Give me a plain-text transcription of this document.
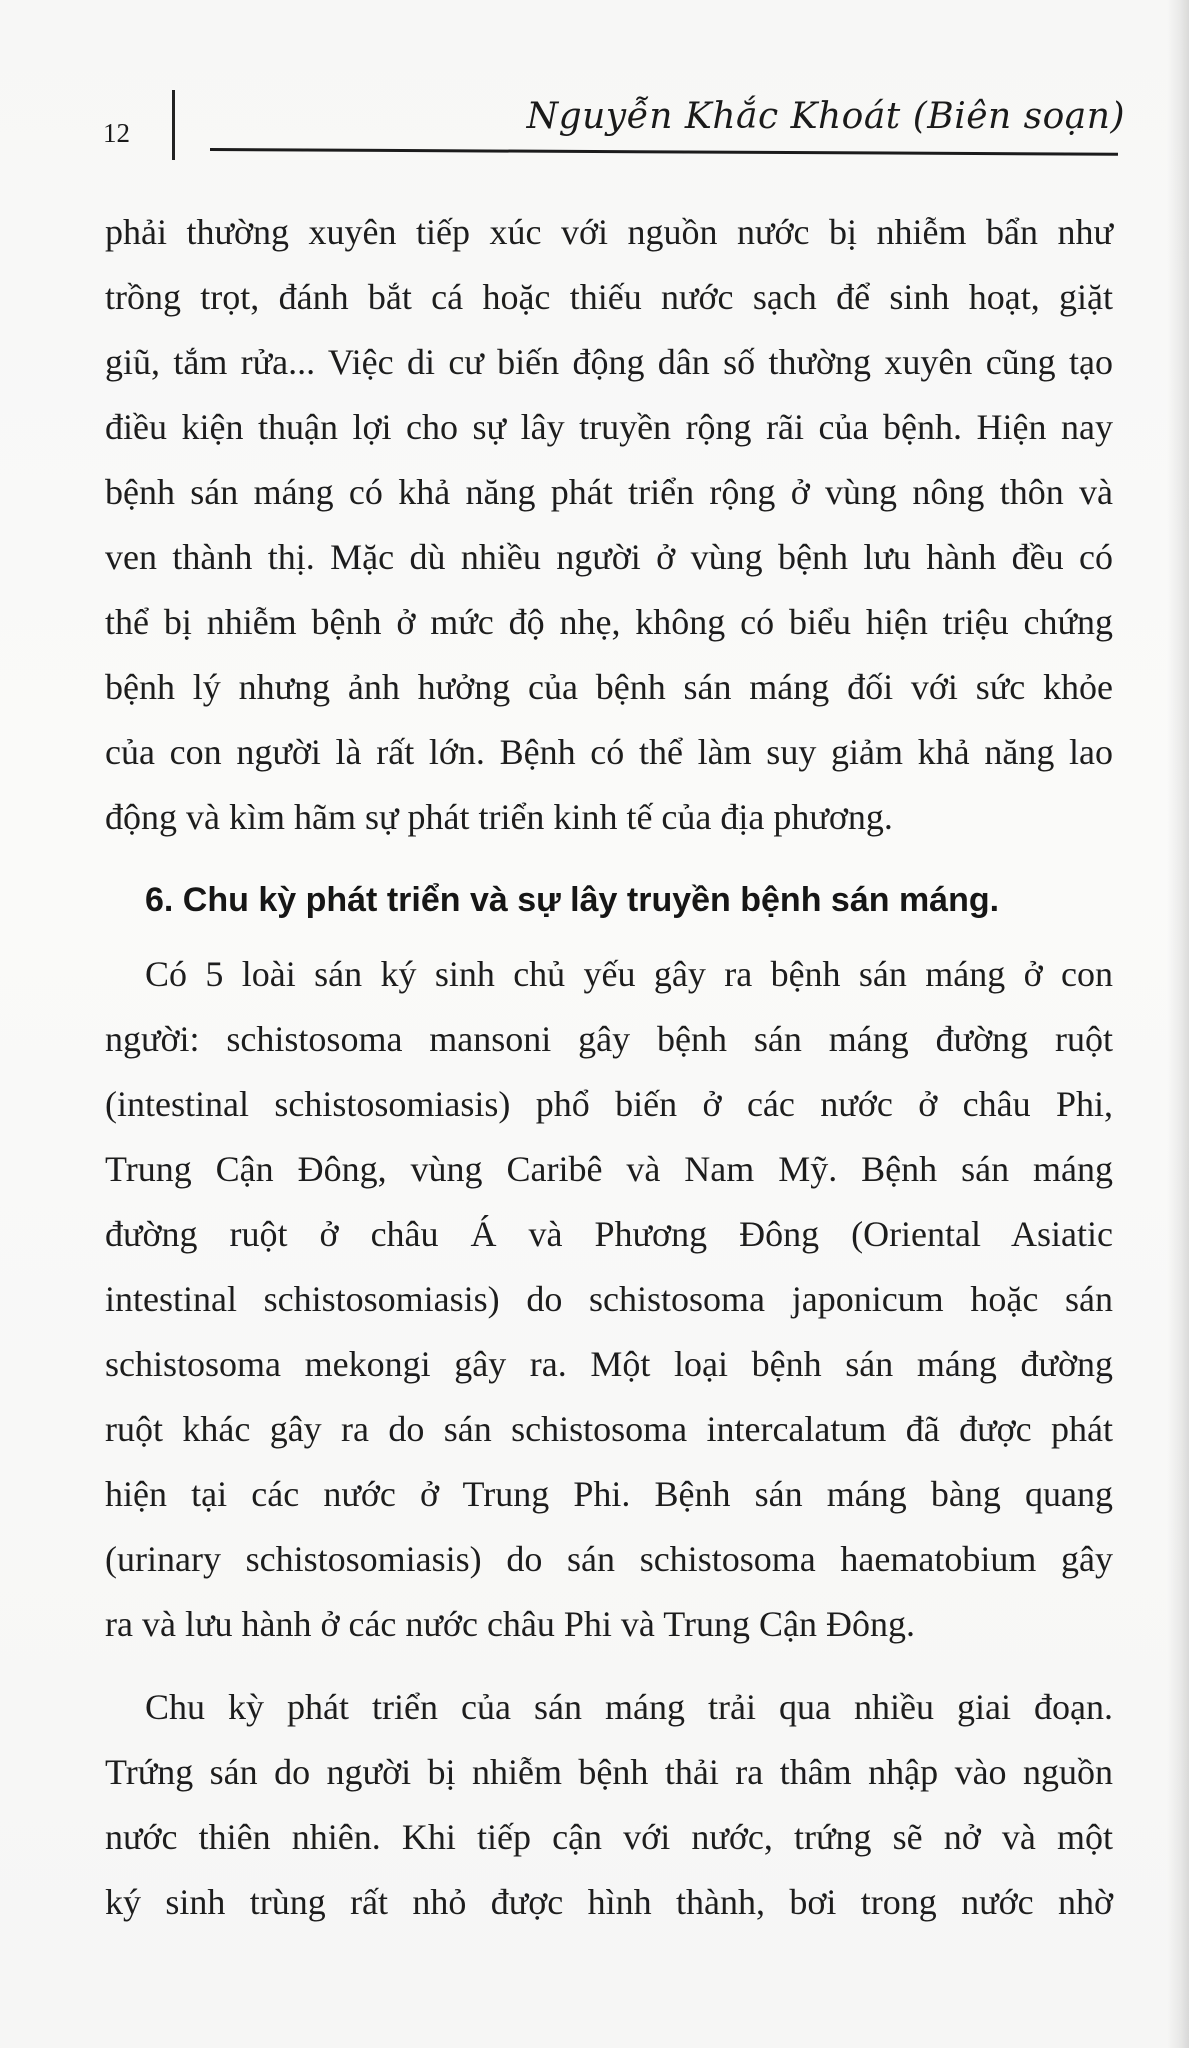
12	Nguyễn Khắc Khoát (Biên soạn)

phải thường xuyên tiếp xúc với nguồn nước bị nhiễm bẩn như
trồng trọt, đánh bắt cá hoặc thiếu nước sạch để sinh hoạt, giặt
giũ, tắm rửa... Việc di cư biến động dân số thường xuyên cũng tạo
điều kiện thuận lợi cho sự lây truyền rộng rãi của bệnh. Hiện nay
bệnh sán máng có khả năng phát triển rộng ở vùng nông thôn và
ven thành thị. Mặc dù nhiều người ở vùng bệnh lưu hành đều có
thể bị nhiễm bệnh ở mức độ nhẹ, không có biểu hiện triệu chứng
bệnh lý nhưng ảnh hưởng của bệnh sán máng đối với sức khỏe
của con người là rất lớn. Bệnh có thể làm suy giảm khả năng lao
động và kìm hãm sự phát triển kinh tế của địa phương.

6. Chu kỳ phát triển và sự lây truyền bệnh sán máng.

Có 5 loài sán ký sinh chủ yếu gây ra bệnh sán máng ở con
người: schistosoma mansoni gây bệnh sán máng đường ruột
(intestinal schistosomiasis) phổ biến ở các nước ở châu Phi,
Trung Cận Đông, vùng Caribê và Nam Mỹ. Bệnh sán máng
đường ruột ở châu Á và Phương Đông (Oriental Asiatic
intestinal schistosomiasis) do schistosoma japonicum hoặc sán
schistosoma mekongi gây ra. Một loại bệnh sán máng đường
ruột khác gây ra do sán schistosoma intercalatum đã được phát
hiện tại các nước ở Trung Phi. Bệnh sán máng bàng quang
(urinary schistosomiasis) do sán schistosoma haematobium gây
ra và lưu hành ở các nước châu Phi và Trung Cận Đông.

Chu kỳ phát triển của sán máng trải qua nhiều giai đoạn.
Trứng sán do người bị nhiễm bệnh thải ra thâm nhập vào nguồn
nước thiên nhiên. Khi tiếp cận với nước, trứng sẽ nở và một
ký sinh trùng rất nhỏ được hình thành, bơi trong nước nhờ
